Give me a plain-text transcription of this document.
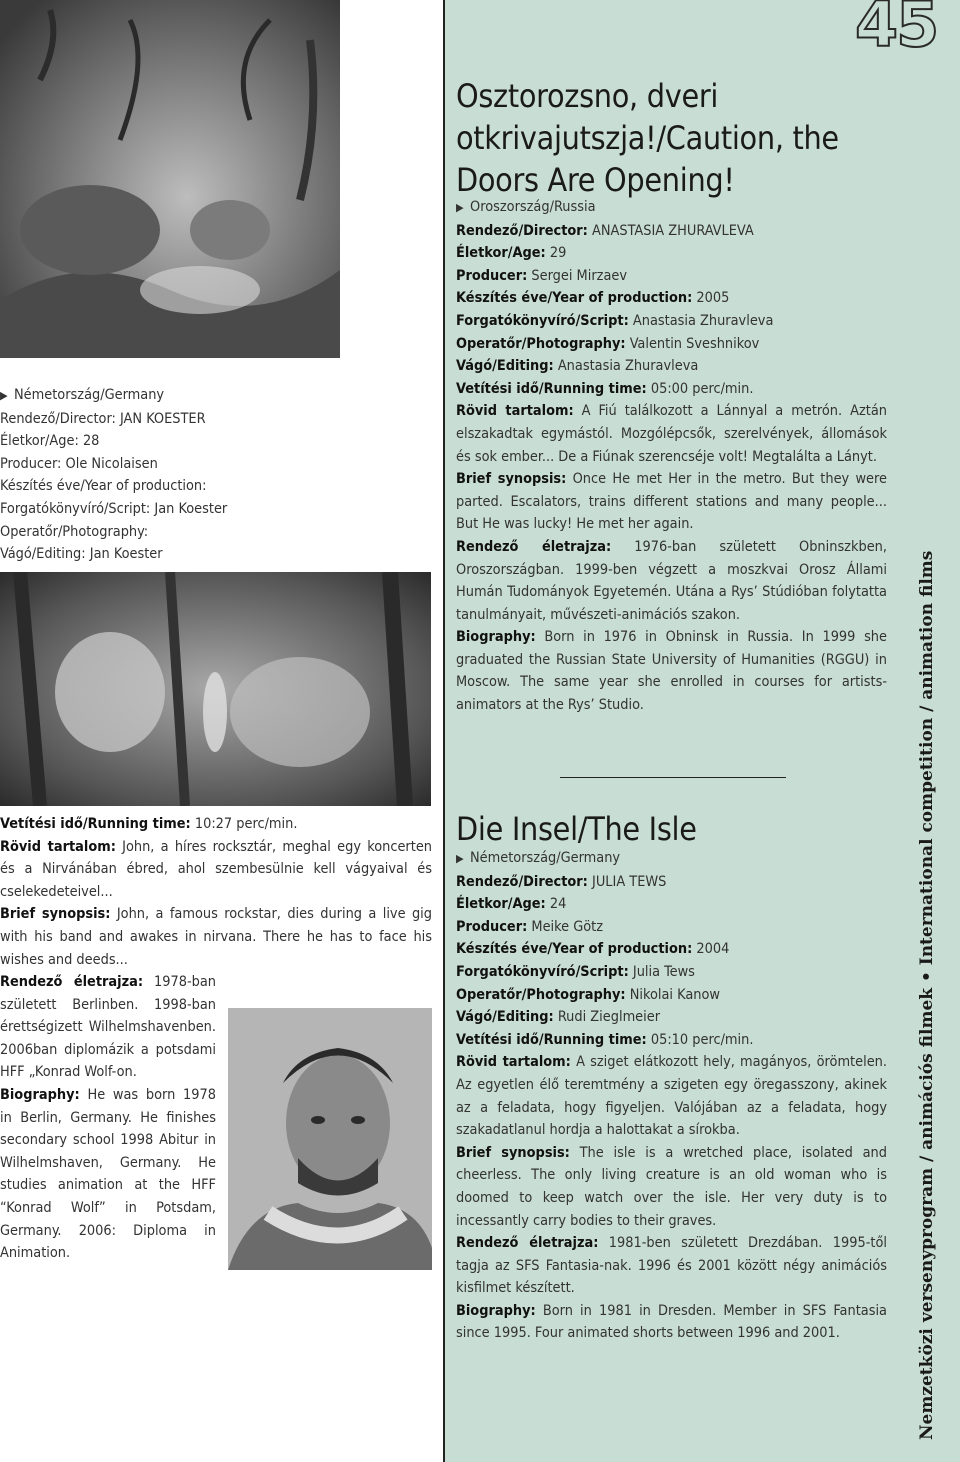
45

▶ Németország/Germany

Rendező/Director: JAN KOESTER

Életkor/Age: 28

Producer: Ole Nicolaisen

Készítés éve/Year of production:

Forgatókönyvíró/Script: Jan Koester

Operatőr/Photography:

Vágó/Editing: Jan Koester

Vetítési idő/Running time: 10:27 perc/min.

Rövid tartalom: John, a híres rocksztár, meghal egy koncerten és a Nirvánában ébred, ahol szembesülnie kell vágyaival és cselekedeteivel...

Brief synopsis: John, a famous rockstar, dies during a live gig with his band and awakes in nirvana. There he has to face his wishes and deeds...

Rendező életrajza: 1978-ban született Berlinben. 1998-ban érettségizett Wilhelmshavenben. 2006ban diplomázik a potsdami HFF „Konrad Wolf-on.

Biography: He was born 1978 in Berlin, Germany. He finishes secondary school 1998 Abitur in Wilhelmshaven, Germany. He studies animation at the HFF “Konrad Wolf” in Potsdam, Germany. 2006: Diploma in Animation.

Osztorozsno, dveri otkrivajutszja!/Caution, the Doors Are Opening!

▶ Oroszország/Russia

Rendező/Director: ANASTASIA ZHURAVLEVA

Életkor/Age: 29

Producer: Sergei Mirzaev

Készítés éve/Year of production: 2005

Forgatókönyvíró/Script: Anastasia Zhuravleva

Operatőr/Photography: Valentin Sveshnikov

Vágó/Editing: Anastasia Zhuravleva

Vetítési idő/Running time: 05:00 perc/min.

Rövid tartalom: A Fiú találkozott a Lánnyal a metrón. Aztán elszakadtak egymástól. Mozgólépcsők, szerelvények, állomások és sok ember... De a Fiúnak szerencséje volt! Megtalálta a Lányt.

Brief synopsis: Once He met Her in the metro. But they were parted. Escalators, trains different stations and many people... But He was lucky! He met her again.

Rendező életrajza: 1976-ban született Obninszkben, Oroszországban. 1999-ben végzett a moszkvai Orosz Állami Humán Tudományok Egyetemén. Utána a Rys’ Stúdióban folytatta tanulmányait, művészeti-animációs szakon.

Biography: Born in 1976 in Obninsk in Russia. In 1999 she graduated the Russian State University of Humanities (RGGU) in Moscow. The same year she enrolled in courses for artists-animators at the Rys’ Studio.

Die Insel/The Isle

▶ Németország/Germany

Rendező/Director: JULIA TEWS

Életkor/Age: 24

Producer: Meike Götz

Készítés éve/Year of production: 2004

Forgatókönyvíró/Script: Julia Tews

Operatőr/Photography: Nikolai Kanow

Vágó/Editing: Rudi Zieglmeier

Vetítési idő/Running time: 05:10 perc/min.

Rövid tartalom: A sziget elátkozott hely, magányos, örömtelen. Az egyetlen élő teremtmény a szigeten egy öregasszony, akinek az a feladata, hogy figyeljen. Valójában az a feladata, hogy szakadatlanul hordja a halottakat a sírokba.

Brief synopsis: The isle is a wretched place, isolated and cheerless. The only living creature is an old woman who is doomed to keep watch over the isle. Her very duty is to incessantly carry bodies to their graves.

Rendező életrajza: 1981-ben született Drezdában. 1995-től tagja az SFS Fantasia-nak. 1996 és 2001 között négy animációs kisfilmet készített.

Biography: Born in 1981 in Dresden. Member in SFS Fantasia since 1995. Four animated shorts between 1996 and 2001.	Nemzetközi versenyprogram / animációs filmek • International competition / animation films
